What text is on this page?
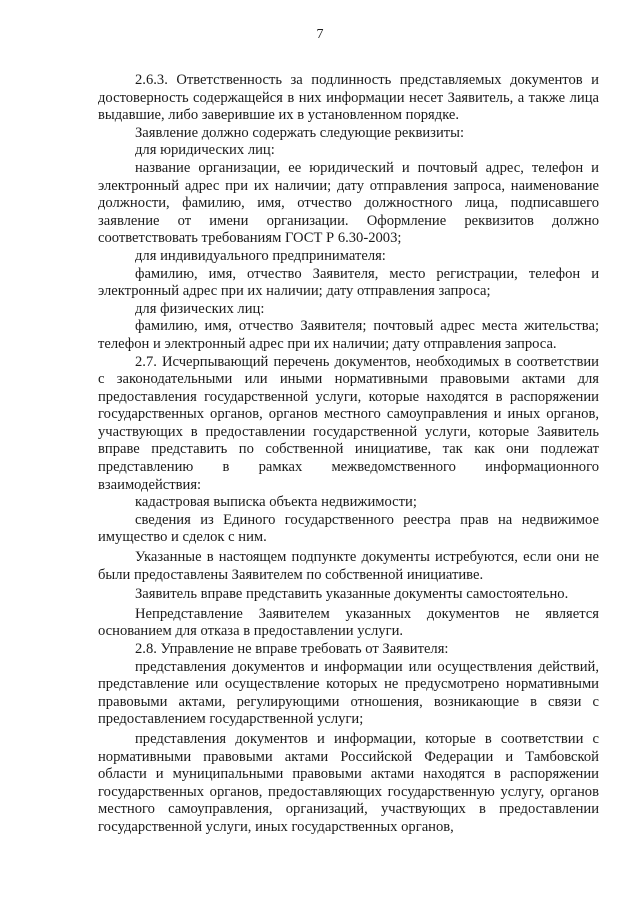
7

2.6.3. Ответственность за подлинность представляемых документов и достоверность содержащейся в них информации несет Заявитель, а также лица выдавшие, либо заверившие их в установленном порядке.

Заявление должно содержать следующие реквизиты:

для юридических лиц:

название организации, ее юридический и почтовый адрес, телефон и электронный адрес при их наличии; дату отправления запроса, наименование должности, фамилию, имя, отчество должностного лица, подписавшего заявление от имени организации. Оформление реквизитов должно соответствовать требованиям ГОСТ Р 6.30-2003;

для индивидуального предпринимателя:

фамилию, имя, отчество Заявителя, место регистрации, телефон и электронный адрес при их наличии; дату отправления запроса;

для физических лиц:

фамилию, имя, отчество Заявителя; почтовый адрес места жительства; телефон и электронный адрес при их наличии; дату отправления запроса.

2.7. Исчерпывающий перечень документов, необходимых в соответствии с законодательными или иными нормативными правовыми актами для предоставления государственной услуги, которые находятся в распоряжении государственных органов, органов местного самоуправления и иных органов, участвующих в предоставлении государственной услуги, которые Заявитель вправе представить по собственной инициативе, так как они подлежат представлению в рамках межведомственного информационного взаимодействия:

кадастровая выписка объекта недвижимости;

сведения из Единого государственного реестра прав на недвижимое имущество и сделок с ним.

Указанные в настоящем подпункте документы истребуются, если они не были предоставлены Заявителем по собственной инициативе.

Заявитель вправе представить указанные документы самостоятельно.

Непредставление Заявителем указанных документов не является основанием для отказа в предоставлении услуги.

2.8. Управление не вправе требовать от Заявителя:

представления документов и информации или осуществления действий, представление или осуществление которых не предусмотрено нормативными правовыми актами, регулирующими отношения, возникающие в связи с предоставлением государственной услуги;

представления документов и информации, которые в соответствии с нормативными правовыми актами Российской Федерации и Тамбовской области и муниципальными правовыми актами находятся в распоряжении государственных органов, предоставляющих государственную услугу, органов местного самоуправления, организаций, участвующих в предоставлении государственной услуги, иных государственных органов,
